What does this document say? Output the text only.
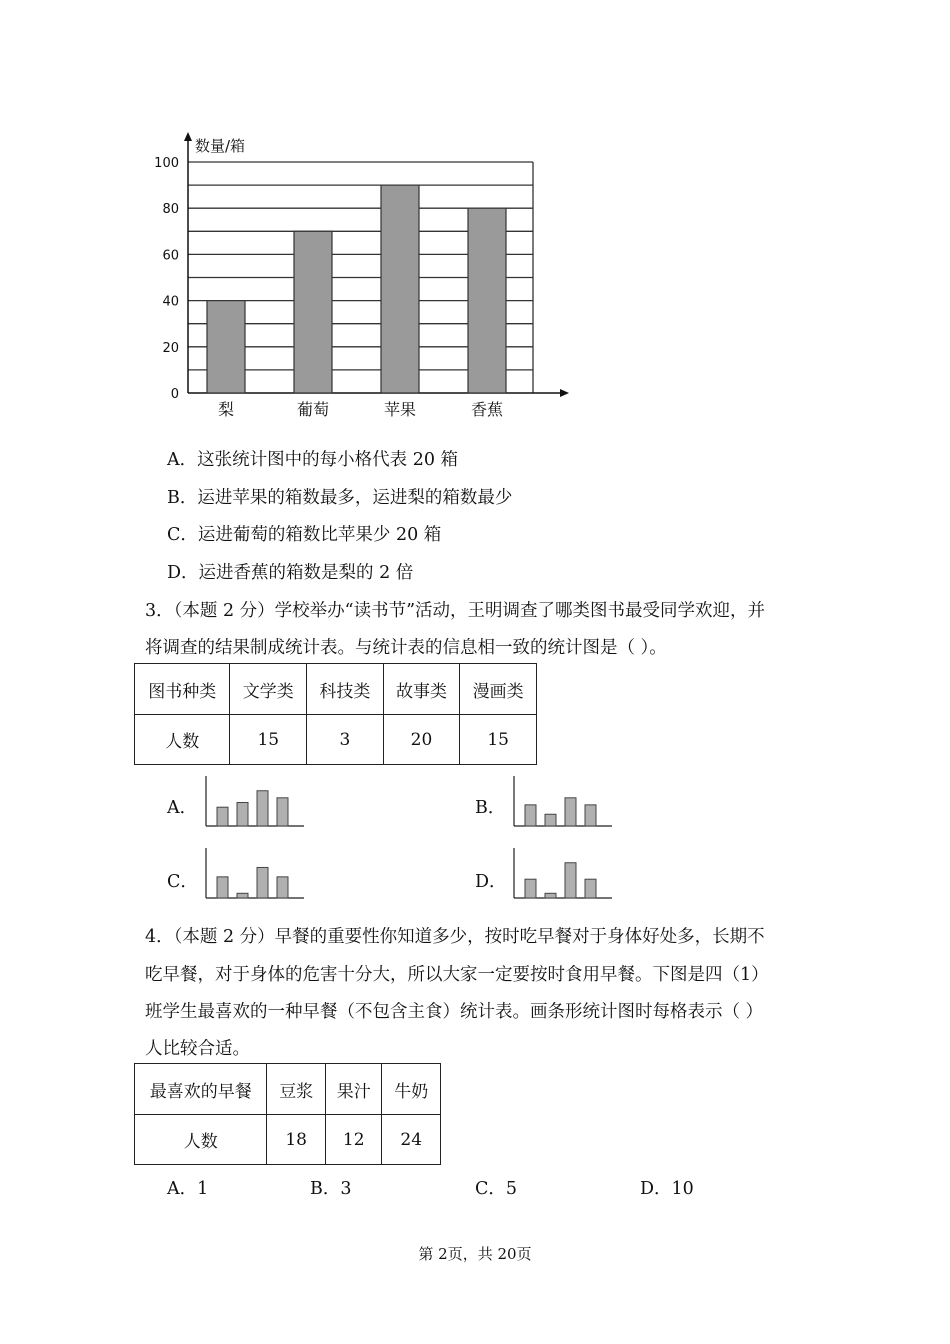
数量/箱
0
20
40
60
80
100
梨	葡萄	苹果	香蕉
A．这张统计图中的每小格代表 20 箱
B．运进苹果的箱数最多，运进梨的箱数最少
C．运进葡萄的箱数比苹果少 20 箱
D．运进香蕉的箱数是梨的 2 倍
3．（本题 2 分）学校举办“读书节”活动，王明调查了哪类图书最受同学欢迎，并
将调查的结果制成统计表。与统计表的信息相一致的统计图是（ ）。
图书种类	文学类	科技类	故事类	漫画类
人数	15	3	20	15
A．	B．
C．	D．
4．（本题 2 分）早餐的重要性你知道多少，按时吃早餐对于身体好处多，长期不
吃早餐，对于身体的危害十分大，所以大家一定要按时食用早餐。下图是四（1）
班学生最喜欢的一种早餐（不包含主食）统计表。画条形统计图时每格表示（ ）
人比较合适。
最喜欢的早餐	豆浆	果汁	牛奶
人数	18	12	24
A．1	B．3	C．5	D．10
第 2页，共 20页
